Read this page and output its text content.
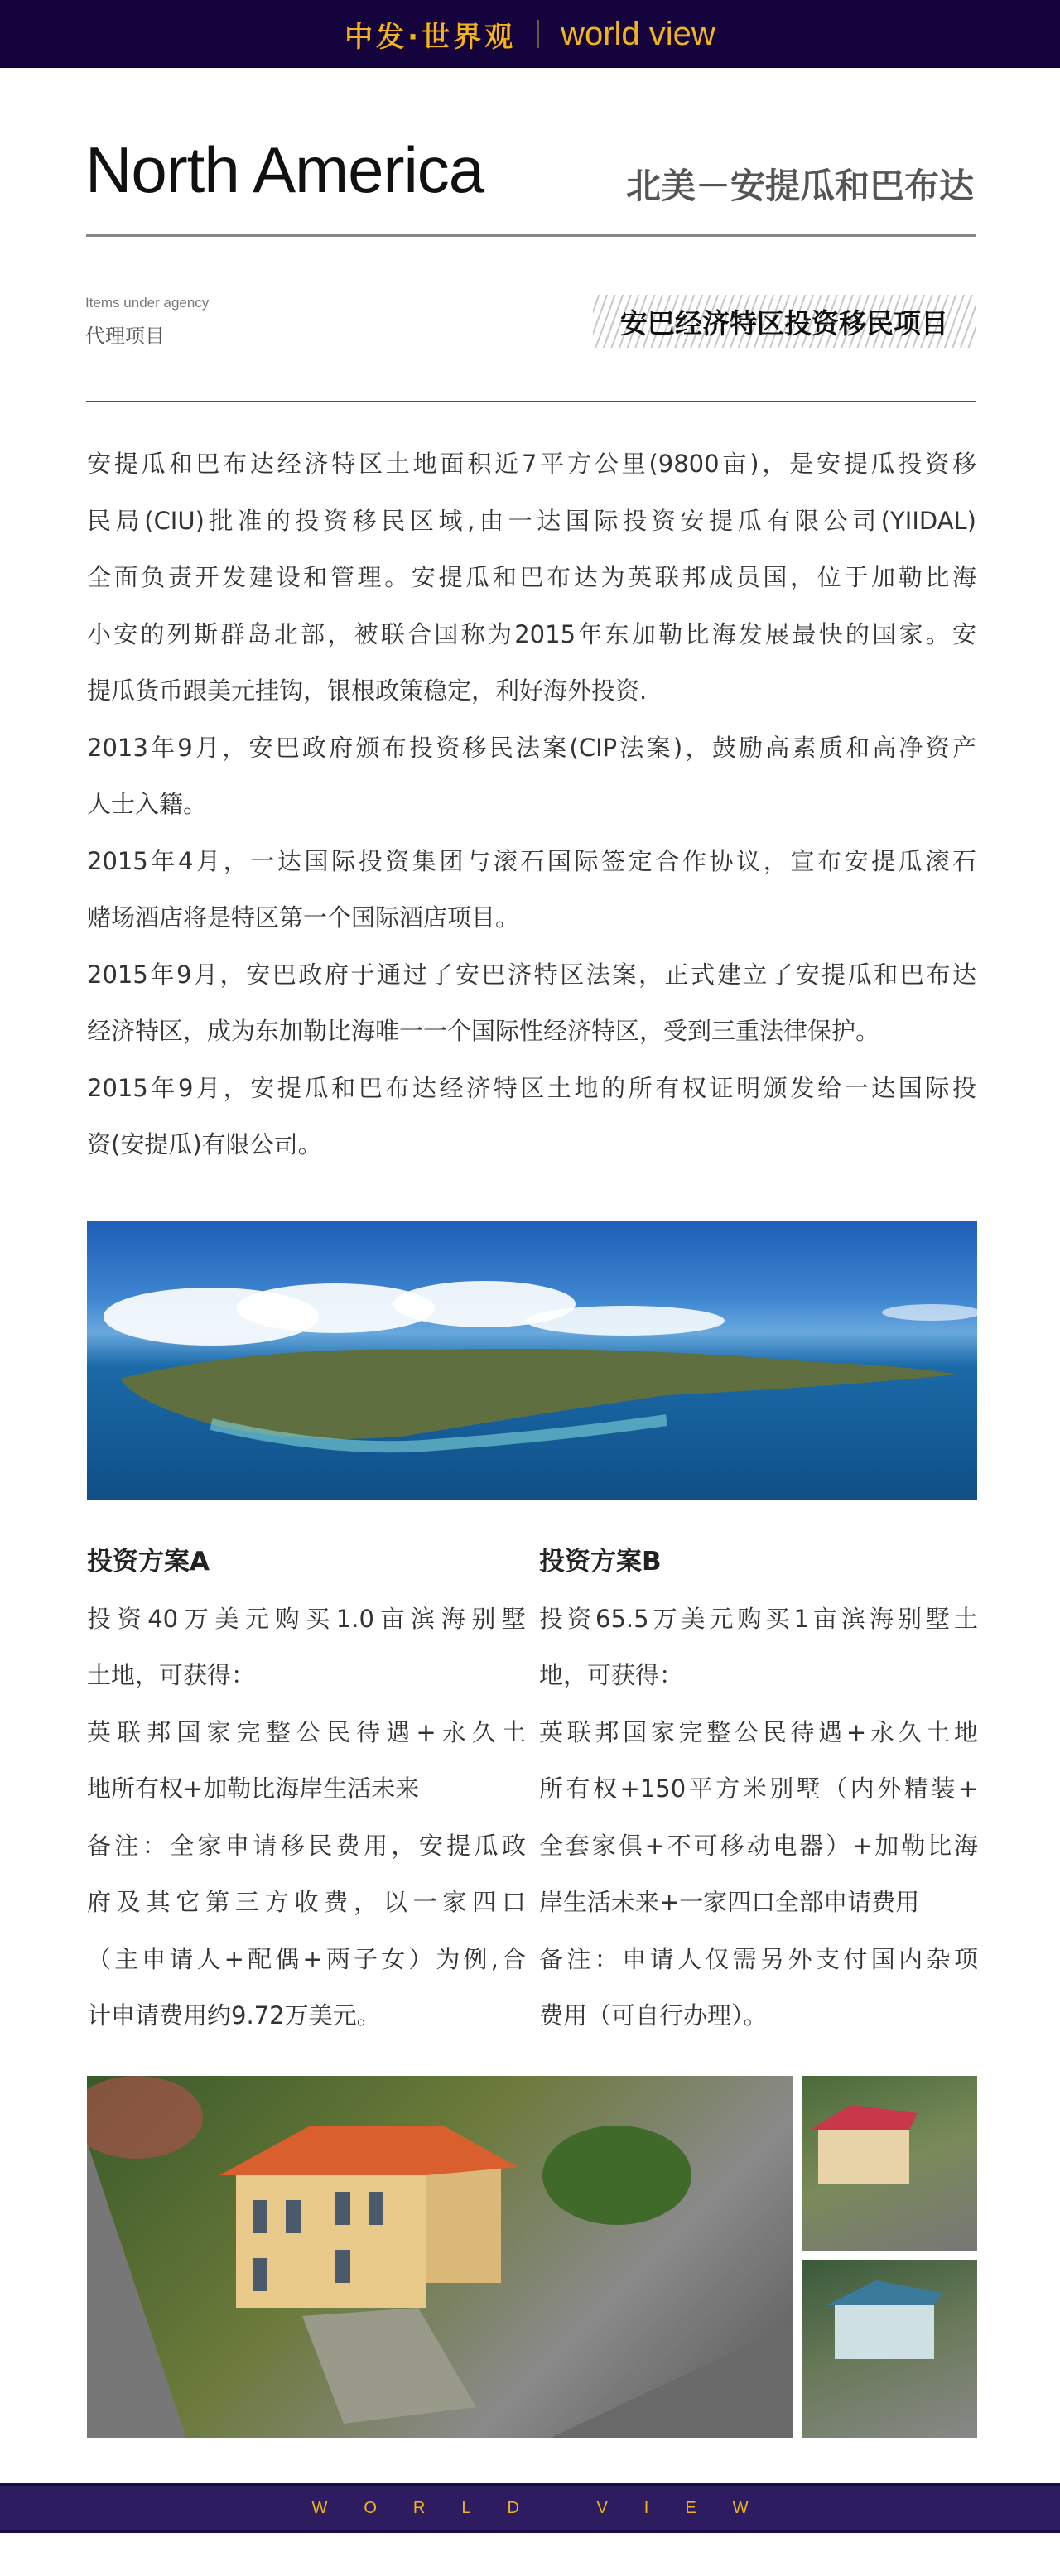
中发·世界观 world view
North America	北美－安提瓜和巴布达
Items under agency
代理项目	安巴经济特区投资移民项目
安提瓜和巴布达经济特区土地面积近7平方公里(9800亩)，是安提瓜投资移
民局(CIU)批准的投资移民区域,由一达国际投资安提瓜有限公司(YIIDAL)
全面负责开发建设和管理。安提瓜和巴布达为英联邦成员国，位于加勒比海
小安的列斯群岛北部，被联合国称为2015年东加勒比海发展最快的国家。安
提瓜货币跟美元挂钩，银根政策稳定，利好海外投资.
2013年9月，安巴政府颁布投资移民法案(CIP法案)，鼓励高素质和高净资产
人士入籍。
2015年4月，一达国际投资集团与滚石国际签定合作协议，宣布安提瓜滚石
赌场酒店将是特区第一个国际酒店项目。
2015年9月，安巴政府于通过了安巴济特区法案，正式建立了安提瓜和巴布达
经济特区，成为东加勒比海唯一一个国际性经济特区，受到三重法律保护。
2015年9月，安提瓜和巴布达经济特区土地的所有权证明颁发给一达国际投
资(安提瓜)有限公司。
投资方案A
投资40万美元购买1.0亩滨海别墅
土地，可获得：
英联邦国家完整公民待遇+永久土
地所有权+加勒比海岸生活未来
备注：全家申请移民费用，安提瓜政
府及其它第三方收费，以一家四口
（主申请人+配偶+两子女）为例,合
计申请费用约9.72万美元。
投资方案B
投资65.5万美元购买1亩滨海别墅土
地，可获得：
英联邦国家完整公民待遇+永久土地
所有权+150平方米别墅（内外精装+
全套家俱+不可移动电器）+加勒比海
岸生活未来+一家四口全部申请费用
备注：申请人仅需另外支付国内杂项
费用（可自行办理）。
WORLD VIEW
